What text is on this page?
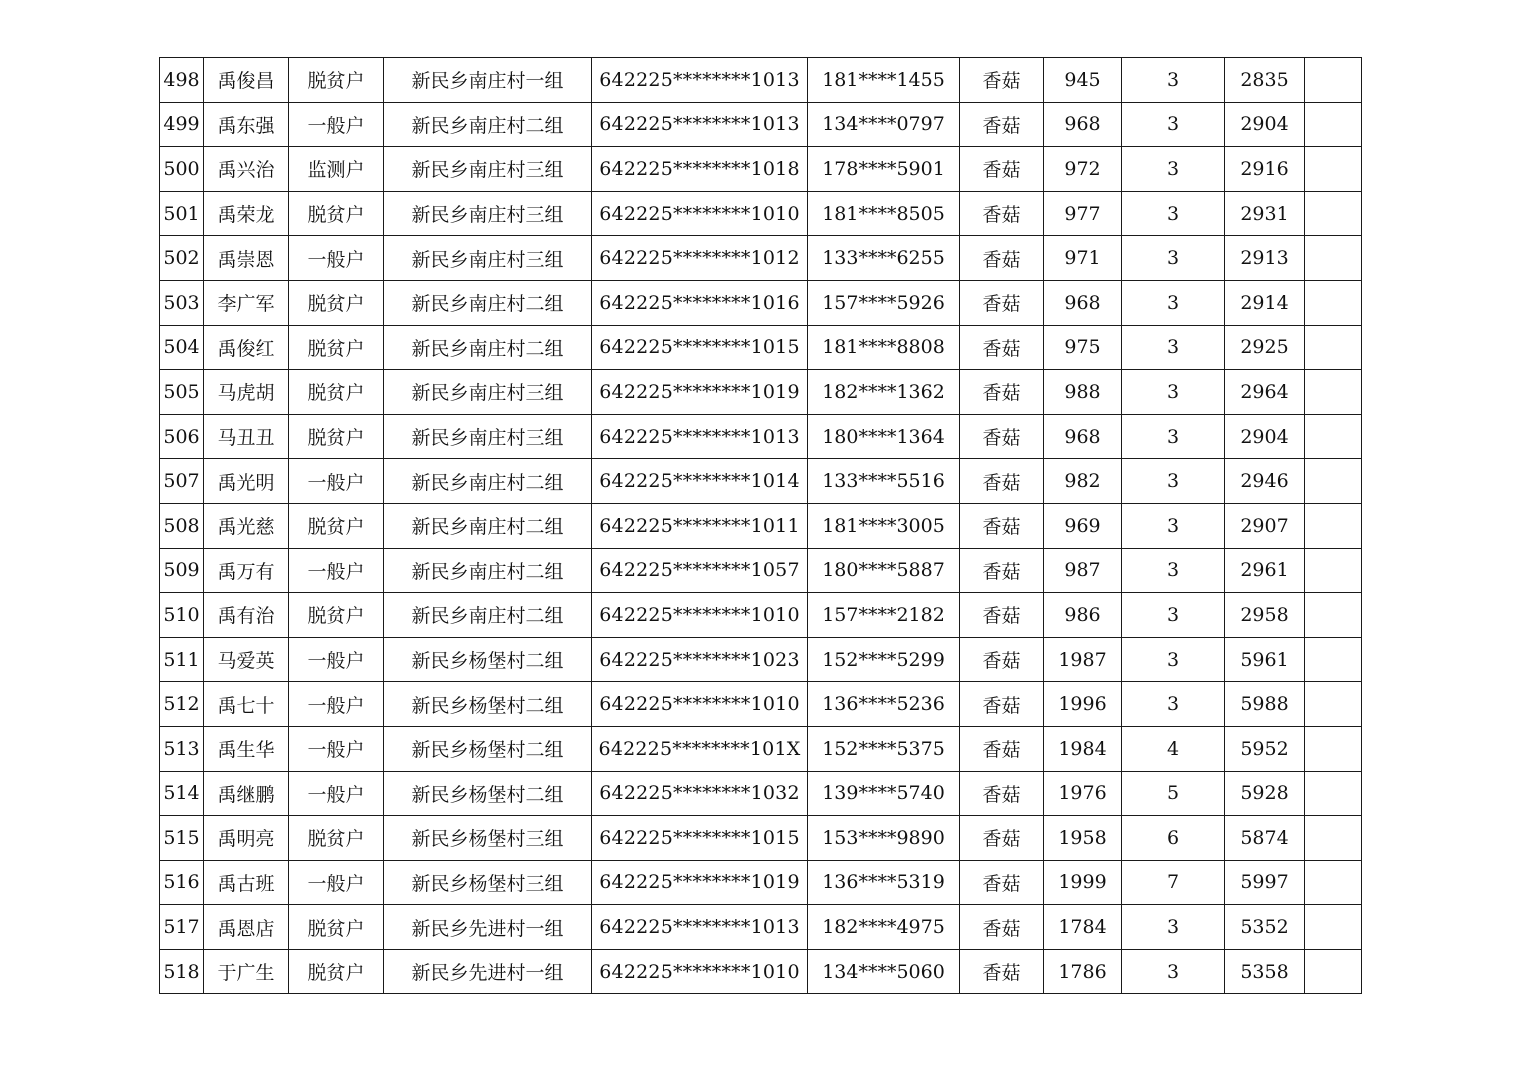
498	禹俊昌	脱贫户	新民乡南庄村一组	642225********1013	181****1455	香菇	945	3	2835	
499	禹东强	一般户	新民乡南庄村二组	642225********1013	134****0797	香菇	968	3	2904	
500	禹兴治	监测户	新民乡南庄村三组	642225********1018	178****5901	香菇	972	3	2916	
501	禹荣龙	脱贫户	新民乡南庄村三组	642225********1010	181****8505	香菇	977	3	2931	
502	禹崇恩	一般户	新民乡南庄村三组	642225********1012	133****6255	香菇	971	3	2913	
503	李广军	脱贫户	新民乡南庄村二组	642225********1016	157****5926	香菇	968	3	2914	
504	禹俊红	脱贫户	新民乡南庄村二组	642225********1015	181****8808	香菇	975	3	2925	
505	马虎胡	脱贫户	新民乡南庄村三组	642225********1019	182****1362	香菇	988	3	2964	
506	马丑丑	脱贫户	新民乡南庄村三组	642225********1013	180****1364	香菇	968	3	2904	
507	禹光明	一般户	新民乡南庄村二组	642225********1014	133****5516	香菇	982	3	2946	
508	禹光慈	脱贫户	新民乡南庄村二组	642225********1011	181****3005	香菇	969	3	2907	
509	禹万有	一般户	新民乡南庄村二组	642225********1057	180****5887	香菇	987	3	2961	
510	禹有治	脱贫户	新民乡南庄村二组	642225********1010	157****2182	香菇	986	3	2958	
511	马爱英	一般户	新民乡杨堡村二组	642225********1023	152****5299	香菇	1987	3	5961	
512	禹七十	一般户	新民乡杨堡村二组	642225********1010	136****5236	香菇	1996	3	5988	
513	禹生华	一般户	新民乡杨堡村二组	642225********101X	152****5375	香菇	1984	4	5952	
514	禹继鹏	一般户	新民乡杨堡村二组	642225********1032	139****5740	香菇	1976	5	5928	
515	禹明亮	脱贫户	新民乡杨堡村三组	642225********1015	153****9890	香菇	1958	6	5874	
516	禹古班	一般户	新民乡杨堡村三组	642225********1019	136****5319	香菇	1999	7	5997	
517	禹恩店	脱贫户	新民乡先进村一组	642225********1013	182****4975	香菇	1784	3	5352	
518	于广生	脱贫户	新民乡先进村一组	642225********1010	134****5060	香菇	1786	3	5358	
